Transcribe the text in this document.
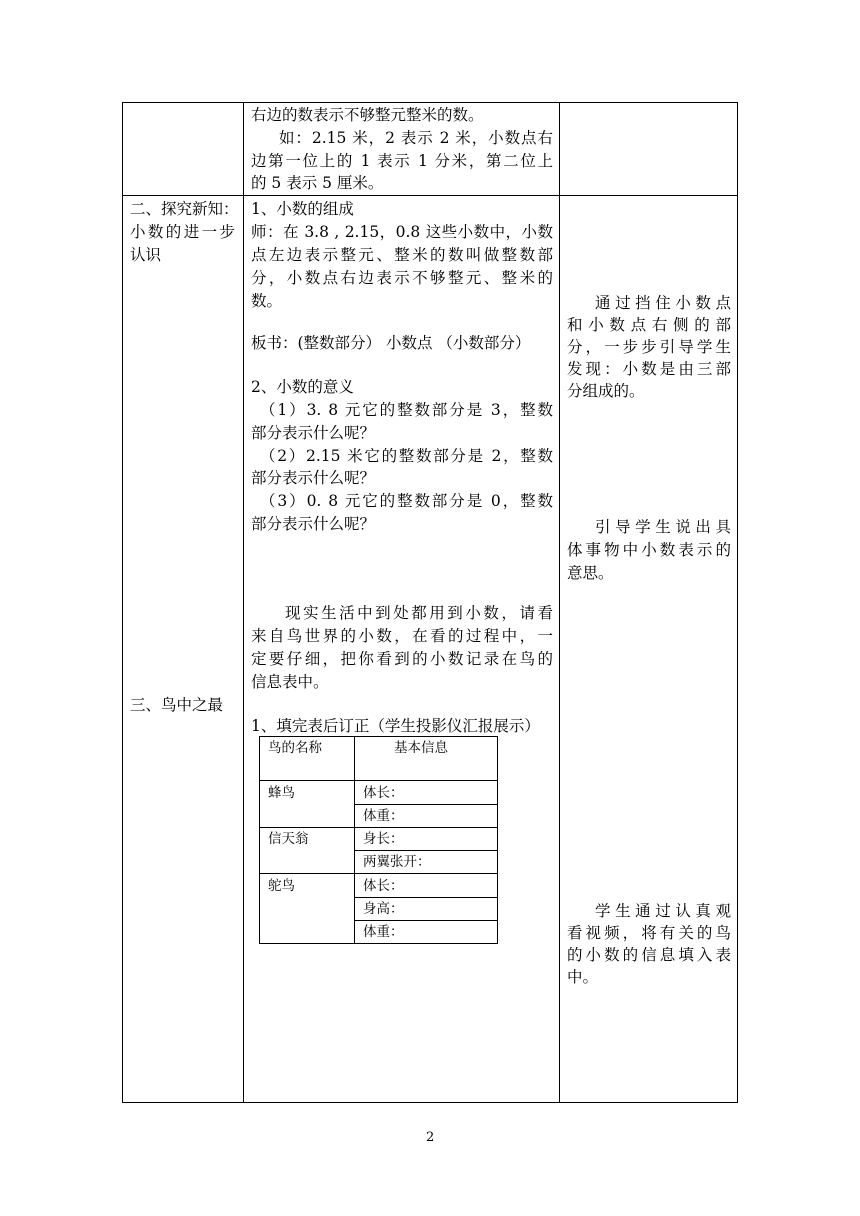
右边的数表示不够整元整米的数。
如：2.15 米，2 表示 2 米，小数点右
边第一位上的 1 表示 1 分米，第二位上
的 5 表示 5 厘米。
二、探究新知：
小数的进一步
认识
三、鸟中之最
1、小数的组成
师：在 3.8 , 2.15，0.8 这些小数中，小数
点左边表示整元、整米的数叫做整数部
分，小数点右边表示不够整元、整米的
数。
板书：(整数部分） 小数点 （小数部分）
2、小数的意义
（1）3. 8 元它的整数部分是 3，整数
部分表示什么呢？
（2）2.15 米它的整数部分是 2，整数
部分表示什么呢？
（3）0. 8 元它的整数部分是 0，整数
部分表示什么呢？
现实生活中到处都用到小数，请看
来自鸟世界的小数，在看的过程中，一
定要仔细，把你看到的小数记录在鸟的
信息表中。
1、填完表后订正（学生投影仪汇报展示）
鸟的名称	基本信息
蜂鸟
信天翁
鸵鸟
体长：
体重：
身长：
两翼张开：
体长：
身高：
体重：
通过挡住小数点
和小数点右侧的部
分，一步步引导学生
发现：小数是由三部
分组成的。
引导学生说出具
体事物中小数表示的
意思。
学生通过认真观
看视频，将有关的鸟
的小数的信息填入表
中。
2
